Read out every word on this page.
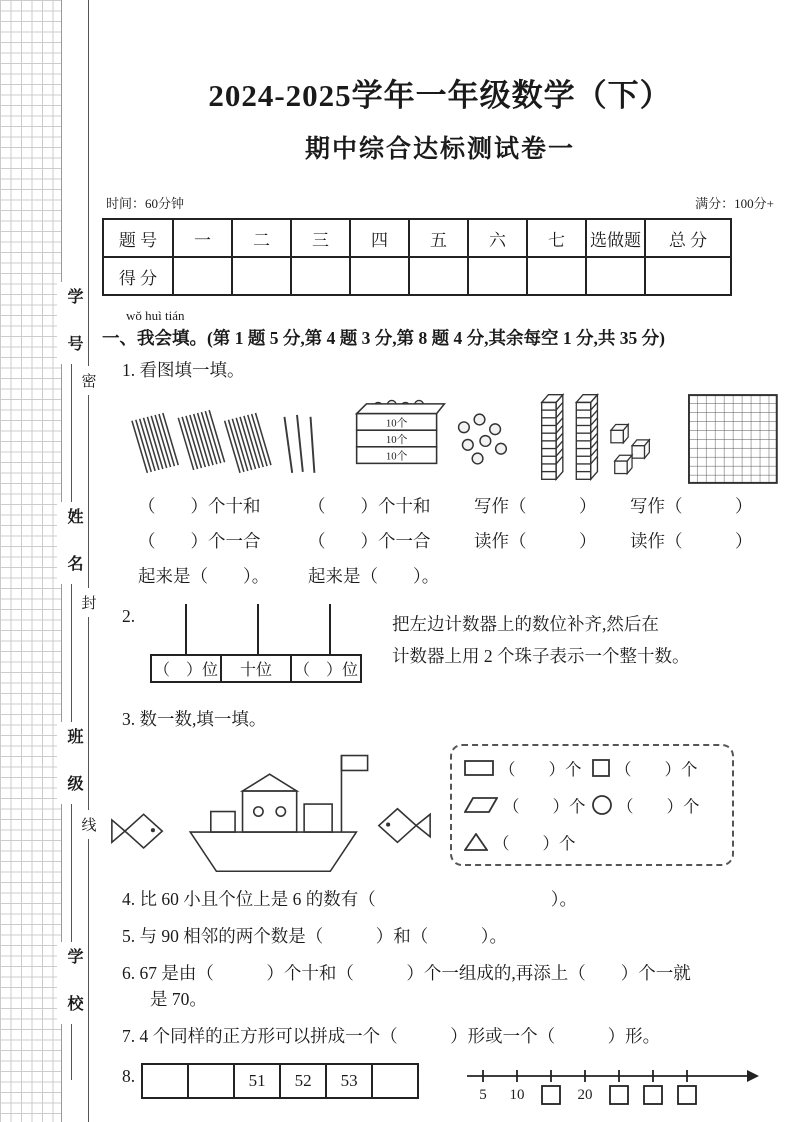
学 号
姓 名
班 级
学 校
密
封
线
2024-2025学年一年级数学（下）
期中综合达标测试卷一
时间：60分钟	满分：100分+
题 号	一	二	三	四	五	六	七	选做题	总 分
得 分									
wǒ huì tián
一、我会填。(第 1 题 5 分,第 4 题 3 分,第 8 题 4 分,其余每空 1 分,共 35 分)
1. 看图填一填。
10个
10个
10个
（　　）个十和	（　　）个十和	写作（　　　）	写作（　　　）
（　　）个一合	（　　）个一合	读作（　　　）	读作（　　　）
起来是（　　）。	起来是（　　）。
2.
（　）位	十位	（　）位
把左边计数器上的数位补齐,然后在
计数器上用 2 个珠子表示一个整十数。
3. 数一数,填一填。
（　　）个 （　　）个
（　　）个 （　　）个
（　　）个
4. 比 60 小且个位上是 6 的数有（　　　　　　　　　　）。
5. 与 90 相邻的两个数是（　　　）和（　　　）。
6. 67 是由（　　　）个十和（　　　）个一组成的,再添上（　　）个一就
是 70。
7. 4 个同样的正方形可以拼成一个（　　　）形或一个（　　　）形。
8.
			51	52	53	
5 10	20
